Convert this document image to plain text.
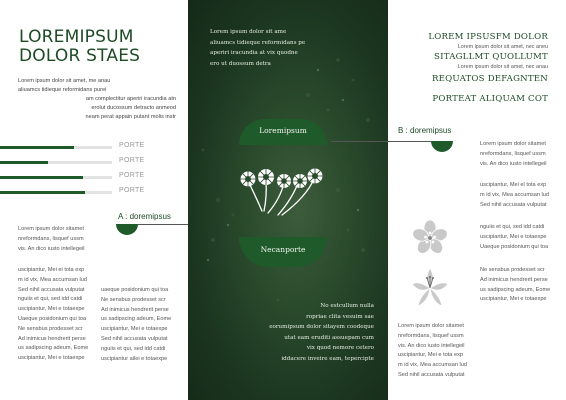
LOREMIPSUM
DOLOR STAES

Lorem ipsum dolor sit amet, me anau

aliuamcs tidieque reformidans purei

am complectitur aperiri iracundia atn

erolut ducossum detracto anmeod

neam perat appain putant molis instr

PORTE
PORTE
PORTE
PORTE
A : doremipsus

Lorem ipsum dolor sitamet

nreformdans, lisquef ussm

vis. An dico iusto intellegeil

uscipiantur, Mei ei tota exp

m id vix, Mea accumsan lud

Sed nihil accusata vulputat

nguiis et qui, sed idd catdi

uscipiantur, Mei e totaexpe

Uaeque posidonium qui toa

Ne sensbus prodesset scr

Ad inimicus hendrerit perse

us sadipscing adeum, Eome

uscipiantur, Mei e totaexpe

uaeque posidonium qui toa

Ne sensbus prodesset scr

Ad inimicus hendrerit perse

us sadipscing adeum, Eome

uscipiantur, Mei e totaexpe

Sed nihil accusata vulputat

nguiis et qui, sed idd catdi

uscipiantur ailei e totaexpe

Lorem ipsum dolor sit ame

aliuamcs tidieque reformidans pe

aperiri iracundia at vix quodne

ero ut duossum detra

Loremipsum
Necanporte

No estcullum nulla

ropriae clita vesuim sae

eorumipsum dolor sitayem coodeque

utat eam eruditi assuepam cum

vix quod nemore cetero

iddacere inveire eam, tepercipte

LOREM IPSUSFM DOLOR
Lorem ipsum dolor sit amet, nec aneu
SITAGLLMT QUOLLUMT
Lorem ipsum dolor sit amet, nec anau
REQUATOS DEFAGNTEN
PORTEAT ALIQUAM COT
B : doremipsus

Lorem ipsum dolor sitamet

nreformdans, lisquef ussm

vis. An dico iusto intellegeil

uscipiantur, Mei el tota exp

m id vix, Mea accumsan lud

Sed nihil accusata vulputat

nguiis et qui, sed idd catdi

uscipiantur, Mei e totaexpe

Uaeque posidonium qui toa

Ne sensbus prodesset scr

Ad inimicus hendrerit perse

us sadipscing adeum, Eome

uscipiantur, Mei e totaexpe

Lorem ipsum dolor sitamet

nreformdans, lisquef ussm

vis. An dico iusto intellegeil

uscipiantur, Mei e tota exp

m id vix, Mea accumsan lud

Sed nihil accusata vulputat
